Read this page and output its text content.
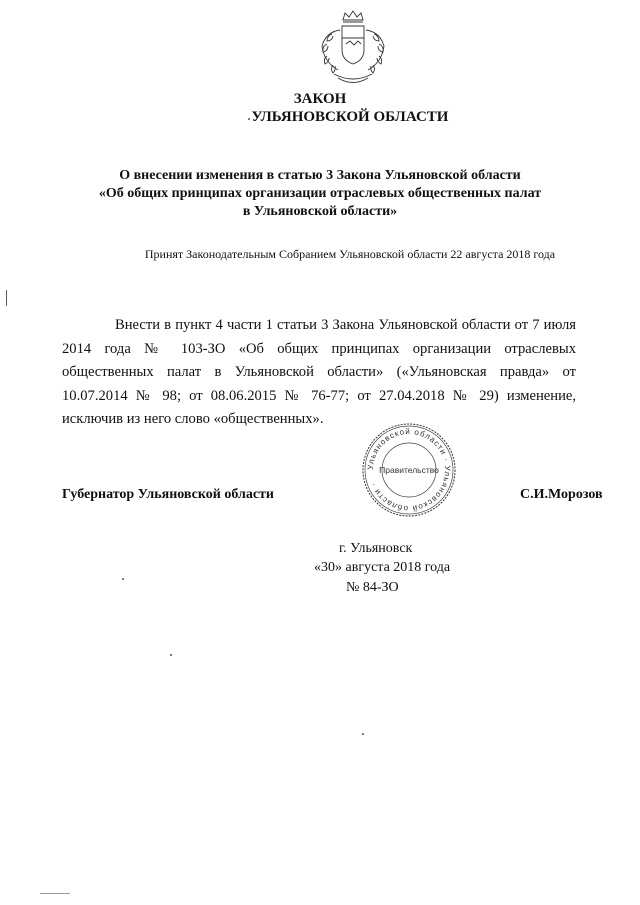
ЗАКОН
УЛЬЯНОВСКОЙ ОБЛАСТИ
О внесении изменения в статью 3 Закона Ульяновской области
«Об общих принципах организации отраслевых общественных палат
в Ульяновской области»
Принят Законодательным Собранием Ульяновской области 22 августа 2018 года

Внести в пункт 4 части 1 статьи 3 Закона Ульяновской области от 7 июля 2014 года № 103-ЗО «Об общих принципах организации отраслевых общественных палат в Ульяновской области» («Ульяновская правда» от 10.07.2014 № 98; от 08.06.2015 № 76-77; от 27.04.2018 № 29) изменение, исключив из него слово «общественных».

Ульяновской области · Ульяновской области ·
Правительство
Губернатор Ульяновской области	С.И.Морозов
г. Ульяновск
«30» августа 2018 года
№ 84-ЗО
